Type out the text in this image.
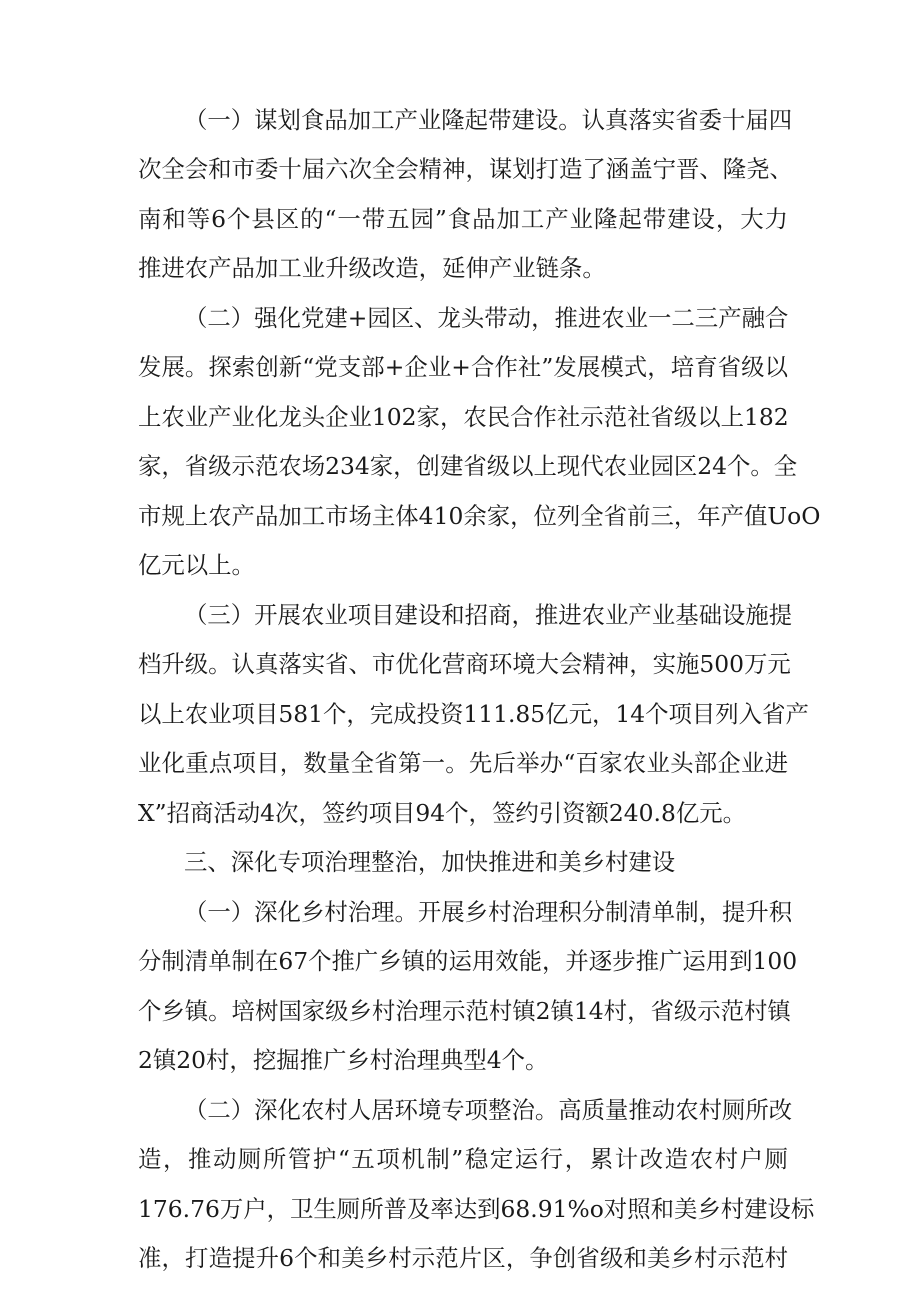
（一）谋划食品加工产业隆起带建设。认真落实省委十届四
次全会和市委十届六次全会精神，谋划打造了涵盖宁晋、隆尧、
南和等6个县区的“一带五园”食品加工产业隆起带建设，大力
推进农产品加工业升级改造，延伸产业链条。
（二）强化党建+园区、龙头带动，推进农业一二三产融合
发展。探索创新“党支部+企业+合作社”发展模式，培育省级以
上农业产业化龙头企业102家，农民合作社示范社省级以上182
家，省级示范农场234家，创建省级以上现代农业园区24个。全
市规上农产品加工市场主体410余家，位列全省前三，年产值UoO
亿元以上。
（三）开展农业项目建设和招商，推进农业产业基础设施提
档升级。认真落实省、市优化营商环境大会精神，实施500万元
以上农业项目581个，完成投资111.85亿元，14个项目列入省产
业化重点项目，数量全省第一。先后举办“百家农业头部企业进
X”招商活动4次，签约项目94个，签约引资额240.8亿元。
三、深化专项治理整治，加快推进和美乡村建设
（一）深化乡村治理。开展乡村治理积分制清单制，提升积
分制清单制在67个推广乡镇的运用效能，并逐步推广运用到100
个乡镇。培树国家级乡村治理示范村镇2镇14村，省级示范村镇
2镇20村，挖掘推广乡村治理典型4个。
（二）深化农村人居环境专项整治。高质量推动农村厕所改
造，推动厕所管护“五项机制”稳定运行，累计改造农村户厕
176.76万户，卫生厕所普及率达到68.91%o对照和美乡村建设标
准，打造提升6个和美乡村示范片区，争创省级和美乡村示范村
